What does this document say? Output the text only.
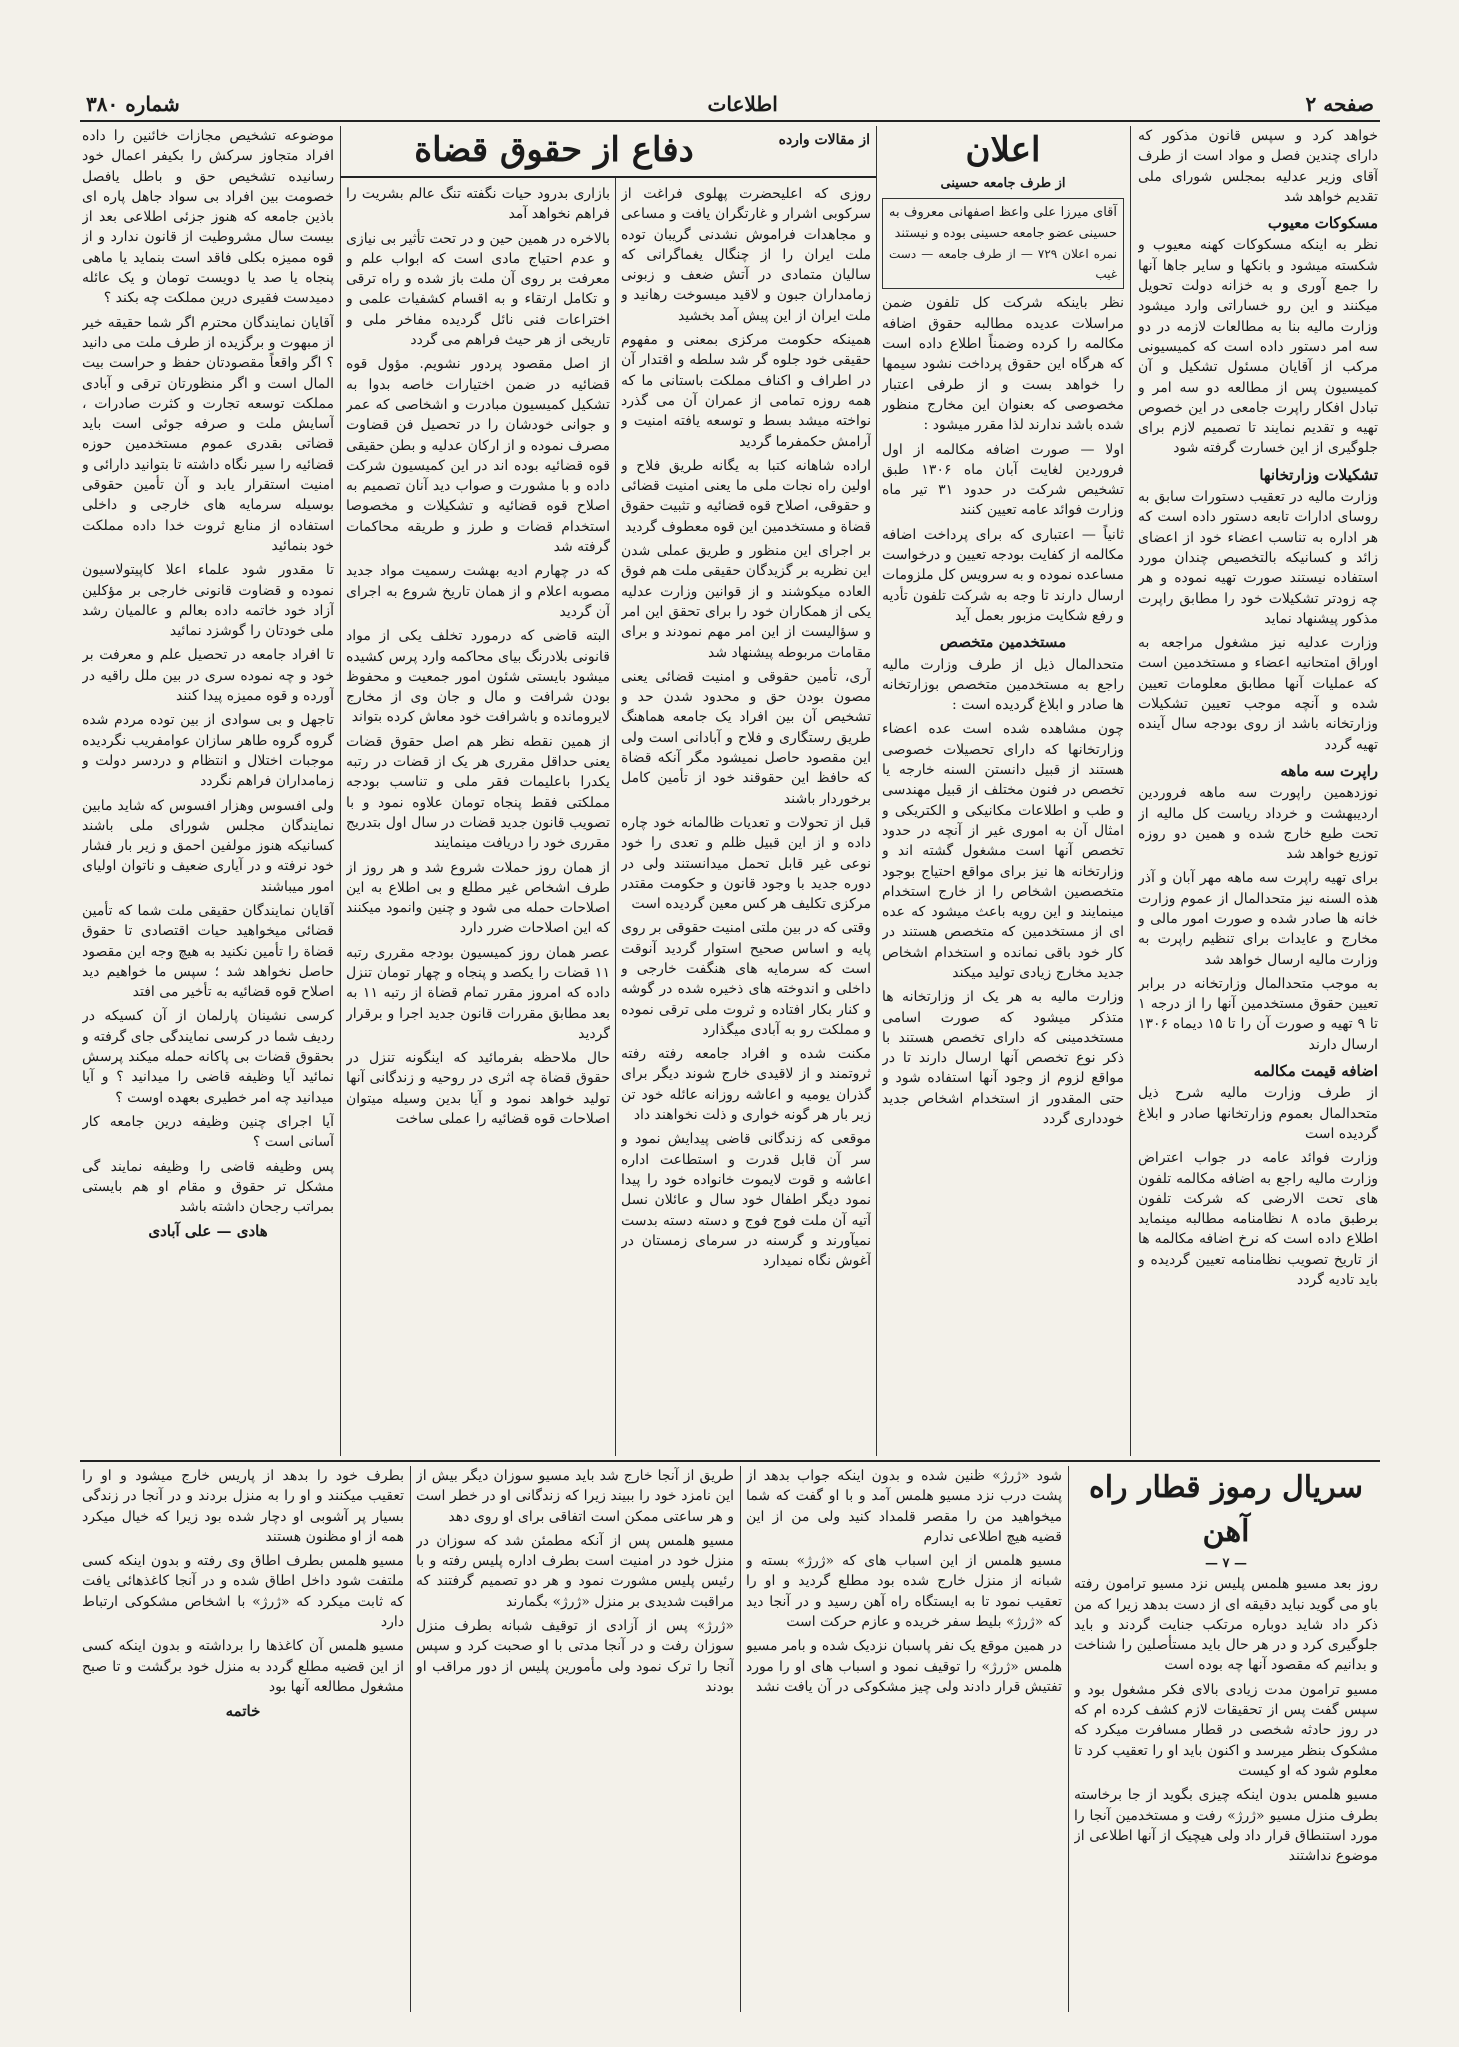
صفحه ۲
اطلاعات
شماره ۳۸۰

خواهد کرد و سپس قانون مذکور که دارای چندین فصل و مواد است از طرف آقای وزیر عدلیه بمجلس شورای ملی تقدیم خواهد شد

مسکوکات معیوب

نظر به اینکه مسکوکات کهنه معیوب و شکسته میشود و بانکها و سایر جاها آنها را جمع آوری و به خزانه دولت تحویل میکنند و این رو خساراتی وارد میشود وزارت مالیه بنا به مطالعات لازمه در دو سه امر دستور داده است که کمیسیونی مرکب از آقایان مسئول تشکیل و آن کمیسیون پس از مطالعه دو سه امر و تبادل افکار راپرت جامعی در این خصوص تهیه و تقدیم نمایند تا تصمیم لازم برای جلوگیری از این خسارت گرفته شود

تشکیلات وزارتخانها

وزارت مالیه در تعقیب دستورات سابق به روسای ادارات تابعه دستور داده است که هر اداره به تناسب اعضاء خود از اعضای زائد و کسانیکه بالتخصیص چندان مورد استفاده نیستند صورت تهیه نموده و هر چه زودتر تشکیلات خود را مطابق راپرت مذکور پیشنهاد نماید

وزارت عدلیه نیز مشغول مراجعه به اوراق امتحانیه اعضاء و مستخدمین است که عملیات آنها مطابق معلومات تعیین شده و آنچه موجب تعیین تشکیلات وزارتخانه باشد از روی بودجه سال آینده تهیه گردد

راپرت سه ماهه

نوزدهمین راپورت سه ماهه فروردین اردیبهشت و خرداد ریاست کل مالیه از تحت طبع خارج شده و همین دو روزه توزیع خواهد شد

برای تهیه راپرت سه ماهه مهر آبان و آذر هذه السنه نیز متحدالمال از عموم وزارت خانه ها صادر شده و صورت امور مالی و مخارج و عایدات برای تنظیم راپرت به وزارت مالیه ارسال خواهد شد

به موجب متحدالمال وزارتخانه در برابر تعیین حقوق مستخدمین آنها را از درجه ۱ تا ۹ تهیه و صورت آن را تا ۱۵ دیماه ۱۳۰۶ ارسال دارند

اضافه قیمت مکالمه

از طرف وزارت مالیه شرح ذیل متحدالمال بعموم وزارتخانها صادر و ابلاغ گردیده است

وزارت فوائد عامه در جواب اعتراض وزارت مالیه راجع به اضافه مکالمه تلفون های تحت الارضی که شرکت تلفون برطبق ماده ۸ نظامنامه مطالبه مینماید اطلاع داده است که نرخ اضافه مکالمه ها از تاریخ تصویب نظامنامه تعیین گردیده و باید تادیه گردد

اعلان
از طرف جامعه حسینی
آقای میرزا علی واعظ اصفهانی معروف به حسینی عضو جامعه حسینی بوده و نیستند
نمره اعلان ۷۲۹ — از طرف جامعه — دست غیب

نظر باینکه شرکت کل تلفون ضمن مراسلات عدیده مطالبه حقوق اضافه مکالمه را کرده وضمناً اطلاع داده است که هرگاه این حقوق پرداخت نشود سیمها را خواهد بست و از طرفی اعتبار مخصوصی که بعنوان این مخارج منظور شده باشد ندارند لذا مقرر میشود :

اولا — صورت اضافه مکالمه از اول فروردین لغایت آبان ماه ۱۳۰۶ طبق تشخیص شرکت در حدود ۳۱ تیر ماه وزارت فوائد عامه تعیین کنند

ثانیاً — اعتباری که برای پرداخت اضافه مکالمه از کفایت بودجه تعیین و درخواست مساعده نموده و به سرویس کل ملزومات ارسال دارند تا وجه به شرکت تلفون تأدیه و رفع شکایت مزبور بعمل آید

مستخدمین متخصص

متحدالمال ذیل از طرف وزارت مالیه راجع به مستخدمین متخصص بوزارتخانه ها صادر و ابلاغ گردیده است :

چون مشاهده شده است عده اعضاء وزارتخانها که دارای تحصیلات خصوصی هستند از قبیل دانستن السنه خارجه یا تخصص در فنون مختلف از قبیل مهندسی و طب و اطلاعات مکانیکی و الکتریکی و امثال آن به اموری غیر از آنچه در حدود تخصص آنها است مشغول گشته اند و وزارتخانه ها نیز برای مواقع احتیاج بوجود متخصصین اشخاص را از خارج استخدام مینمایند و این رویه باعث میشود که عده ای از مستخدمین که متخصص هستند در کار خود باقی نمانده و استخدام اشخاص جدید مخارج زیادی تولید میکند

وزارت مالیه به هر یک از وزارتخانه ها متذکر میشود که صورت اسامی مستخدمینی که دارای تخصص هستند با ذکر نوع تخصص آنها ارسال دارند تا در مواقع لزوم از وجود آنها استفاده شود و حتی المقدور از استخدام اشخاص جدید خودداری گردد

از مقالات وارده
دفاع از حقوق قضاة

روزی که اعلیحضرت پهلوی فراغت از سرکوبی اشرار و غارتگران یافت و مساعی و مجاهدات فراموش نشدنی گریبان توده ملت ایران را از چنگال یغماگرانی که سالیان متمادی در آتش ضعف و زبونی زمامداران جبون و لاقید میسوخت رهانید و ملت ایران از این پیش آمد بخشید

همینکه حکومت مرکزی بمعنی و مفهوم حقیقی خود جلوه گر شد سلطه و اقتدار آن در اطراف و اکناف مملکت باستانی ما که همه روزه تمامی از عمران آن می گذرد نواخته میشد بسط و توسعه یافته امنیت و آرامش حکمفرما گردید

اراده شاهانه کتبا به یگانه طریق فلاح و اولین راه نجات ملی ما یعنی امنیت قضائی و حقوقی، اصلاح قوه قضائیه و تثبیت حقوق قضاة و مستخدمین این قوه معطوف گردید

بر اجرای این منظور و طریق عملی شدن این نظریه بر گزیدگان حقیقی ملت هم فوق العاده میکوشند و از قوانین وزارت عدلیه یکی از همکاران خود را برای تحقق این امر و سؤالیست از این امر مهم نمودند و برای مقامات مربوطه پیشنهاد شد

آری، تأمین حقوقی و امنیت قضائی یعنی مصون بودن حق و محدود شدن حد و تشخیص آن بین افراد یک جامعه هماهنگ طریق رستگاری و فلاح و آبادانی است ولی این مقصود حاصل نمیشود مگر آنکه قضاة که حافظ این حقوقند خود از تأمین کامل برخوردار باشند

قبل از تحولات و تعدیات ظالمانه خود چاره داده و از این قبیل ظلم و تعدی را خود نوعی غیر قابل تحمل میدانستند ولی در دوره جدید با وجود قانون و حکومت مقتدر مرکزی تکلیف هر کس معین گردیده است

وقتی که در بین ملتی امنیت حقوقی بر روی پایه و اساس صحیح استوار گردید آنوقت است که سرمایه های هنگفت خارجی و داخلی و اندوخته های ذخیره شده در گوشه و کنار بکار افتاده و ثروت ملی ترقی نموده و مملکت رو به آبادی میگذارد

مکنت شده و افراد جامعه رفته رفته ثروتمند و از لاقیدی خارج شوند دیگر برای گذران یومیه و اعاشه روزانه عائله خود تن زیر بار هر گونه خواری و ذلت نخواهند داد

موقعی که زندگانی قاضی پیدایش نمود و سر آن قابل قدرت و استطاعت اداره اعاشه و قوت لایموت خانواده خود را پیدا نمود دیگر اطفال خود سال و عائلان نسل آتیه آن ملت فوج فوج و دسته دسته بدست نمیآورند و گرسنه در سرمای زمستان در آغوش نگاه نمیدارد

بازاری بدرود حیات نگفته تنگ عالم بشریت را فراهم نخواهد آمد

بالاخره در همین حین و در تحت تأثیر بی نیازی و عدم احتیاج مادی است که ابواب علم و معرفت بر روی آن ملت باز شده و راه ترقی و تکامل ارتقاء و به اقسام کشفیات علمی و اختراعات فنی نائل گردیده مفاخر ملی و تاریخی از هر حیث فراهم می گردد

از اصل مقصود پردور نشویم. مؤول قوه قضائیه در ضمن اختیارات خاصه بدوا به تشکیل کمیسیون مبادرت و اشخاصی که عمر و جوانی خودشان را در تحصیل فن قضاوت مصرف نموده و از ارکان عدلیه و بطن حقیقی قوه قضائیه بوده اند در این کمیسیون شرکت داده و با مشورت و صواب دید آنان تصمیم به اصلاح قوه قضائیه و تشکیلات و مخصوصا استخدام قضات و طرز و طریقه محاکمات گرفته شد

که در چهارم ادیه بهشت رسمیت مواد جدید مصوبه اعلام و از همان تاریخ شروع به اجرای آن گردید

البته قاضی که درمورد تخلف یکی از مواد قانونی بلادرنگ بیای محاکمه وارد پرس کشیده میشود بایستی شئون امور جمعیت و محفوظ بودن شرافت و مال و جان وی از مخارج لایرومانده و باشرافت خود معاش کرده بتواند

از همین نقطه نظر هم اصل حقوق قضات یعنی حداقل مقرری هر یک از قضات در رتبه یکدرا باعلیمات فقر ملی و تناسب بودجه مملکتی فقط پنجاه تومان علاوه نمود و با تصویب قانون جدید قضات در سال اول بتدریج مقرری خود را دریافت مینمایند

از همان روز حملات شروع شد و هر روز از طرف اشخاص غیر مطلع و بی اطلاع به این اصلاحات حمله می شود و چنین وانمود میکنند که این اصلاحات ضرر دارد

عصر همان روز کمیسیون بودجه مقرری رتبه ۱۱ قضات را یکصد و پنجاه و چهار تومان تنزل داده که امروز مقرر تمام قضاة از رتبه ۱۱ به بعد مطابق مقررات قانون جدید اجرا و برقرار گردید

حال ملاحظه بفرمائید که اینگونه تنزل در حقوق قضاة چه اثری در روحیه و زندگانی آنها تولید خواهد نمود و آیا بدین وسیله میتوان اصلاحات قوه قضائیه را عملی ساخت

موضوعه تشخیص مجازات خائنین را داده افراد متجاوز سرکش را بکیفر اعمال خود رسانیده تشخیص حق و باطل یافصل خصومت بین افراد بی سواد جاهل پاره ای باذین جامعه که هنوز جزئی اطلاعی بعد از بیست سال مشروطیت از قانون ندارد و از قوه ممیزه بکلی فاقد است بنماید یا ماهی پنجاه یا صد یا دویست تومان و یک عائله دمیدست فقیری درین مملکت چه بکند ؟

آقایان نمایندگان محترم اگر شما حقیقه خیر از مبهوت و برگزیده از طرف ملت می دانید ؟ اگر واقعاً مقصودتان حفظ و حراست بیت المال است و اگر منظورتان ترقی و آبادی مملکت توسعه تجارت و کثرت صادرات ، آسایش ملت و صرفه جوئی است باید قضاتی بقدری عموم مستخدمین حوزه قضائیه را سیر نگاه داشته تا بتوانید دارائی و امنیت استقرار یابد و آن تأمین حقوقی بوسیله سرمایه های خارجی و داخلی استفاده از منابع ثروت خدا داده مملکت خود بنمائید

تا مقدور شود علماء اعلا کاپیتولاسیون نموده و قضاوت قانونی خارجی بر مؤکلین آزاد خود خاتمه داده بعالم و عالمیان رشد ملی خودتان را گوشزد نمائید

تا افراد جامعه در تحصیل علم و معرفت بر خود و چه نموده سری در بین ملل راقیه در آورده و قوه ممیزه پیدا کنند

تاجهل و بی سوادی از بین توده مردم شده گروه گروه طاهر سازان عوامفریب نگردیده موجبات اختلال و انتظام و دردسر دولت و زمامداران فراهم نگردد

ولی افسوس وهزار افسوس که شاید مابین نمایندگان مجلس شورای ملی باشند کسانیکه هنوز مولفین احمق و زیر بار فشار خود نرفته و در آیاری ضعیف و ناتوان اولیای امور میباشند

آقایان نمایندگان حقیقی ملت شما که تأمین قضائی میخواهید حیات اقتصادی تا حقوق قضاة را تأمین نکنید به هیچ وجه این مقصود حاصل نخواهد شد ؛ سپس ما خواهیم دید اصلاح قوه قضائیه به تأخیر می افتد

کرسی نشینان پارلمان از آن کسیکه در ردیف شما در کرسی نمایندگی جای گرفته و بحقوق قضات بی پاکانه حمله میکند پرسش نمائید آیا وظیفه قاضی را میدانید ؟ و آیا میدانید چه امر خطیری بعهده اوست ؟

آیا اجرای چنین وظیفه درین جامعه کار آسانی است ؟

پس وظیفه قاضی را وظیفه نمایند گی مشکل تر حقوق و مقام او هم بایستی بمراتب رجحان داشته باشد

هادی — علی آبادی
سریال رموز قطار راه آهن
— ۷ —

روز بعد مسیو هلمس پلیس نزد مسیو ترامون رفته باو می گوید نباید دقیقه ای از دست بدهد زیرا که من ذکر داد شاید دوباره مرتکب جنایت گردند و باید جلوگیری کرد و در هر حال باید مستأصلین را شناخت و بدانیم که مقصود آنها چه بوده است

مسیو ترامون مدت زیادی بالای فکر مشغول بود و سپس گفت پس از تحقیقات لازم کشف کرده ام که در روز حادثه شخصی در قطار مسافرت میکرد که مشکوک بنظر میرسد و اکنون باید او را تعقیب کرد تا معلوم شود که او کیست

مسیو هلمس بدون اینکه چیزی بگوید از جا برخاسته بطرف منزل مسیو «ژرژ» رفت و مستخدمین آنجا را مورد استنطاق قرار داد ولی هیچیک از آنها اطلاعی از موضوع نداشتند

شود «ژرژ» ظنین شده و بدون اینکه جواب بدهد از پشت درب نزد مسیو هلمس آمد و با او گفت که شما میخواهید من را مقصر قلمداد کنید ولی من از این قضیه هیچ اطلاعی ندارم

مسیو هلمس از این اسباب های که «ژرژ» بسته و شبانه از منزل خارج شده بود مطلع گردید و او را تعقیب نمود تا به ایستگاه راه آهن رسید و در آنجا دید که «ژرژ» بلیط سفر خریده و عازم حرکت است

در همین موقع یک نفر پاسبان نزدیک شده و بامر مسیو هلمس «ژرژ» را توقیف نمود و اسباب های او را مورد تفتیش قرار دادند ولی چیز مشکوکی در آن یافت نشد

طریق از آنجا خارج شد باید مسیو سوزان دیگر بیش از این نامزد خود را ببیند زیرا که زندگانی او در خطر است و هر ساعتی ممکن است اتفاقی برای او روی دهد

مسیو هلمس پس از آنکه مطمئن شد که سوزان در منزل خود در امنیت است بطرف اداره پلیس رفته و با رئیس پلیس مشورت نمود و هر دو تصمیم گرفتند که مراقبت شدیدی بر منزل «ژرژ» بگمارند

«ژرژ» پس از آزادی از توقیف شبانه بطرف منزل سوزان رفت و در آنجا مدتی با او صحبت کرد و سپس آنجا را ترک نمود ولی مأمورین پلیس از دور مراقب او بودند

بطرف خود را بدهد از پاریس خارج میشود و او را تعقیب میکنند و او را به منزل بردند و در آنجا در زندگی بسیار پر آشوبی او دچار شده بود زیرا که خیال میکرد همه از او مظنون هستند

مسیو هلمس بطرف اطاق وی رفته و بدون اینکه کسی ملتفت شود داخل اطاق شده و در آنجا کاغذهائی یافت که ثابت میکرد که «ژرژ» با اشخاص مشکوکی ارتباط دارد

مسیو هلمس آن کاغذها را برداشته و بدون اینکه کسی از این قضیه مطلع گردد به منزل خود برگشت و تا صبح مشغول مطالعه آنها بود

خاتمه
